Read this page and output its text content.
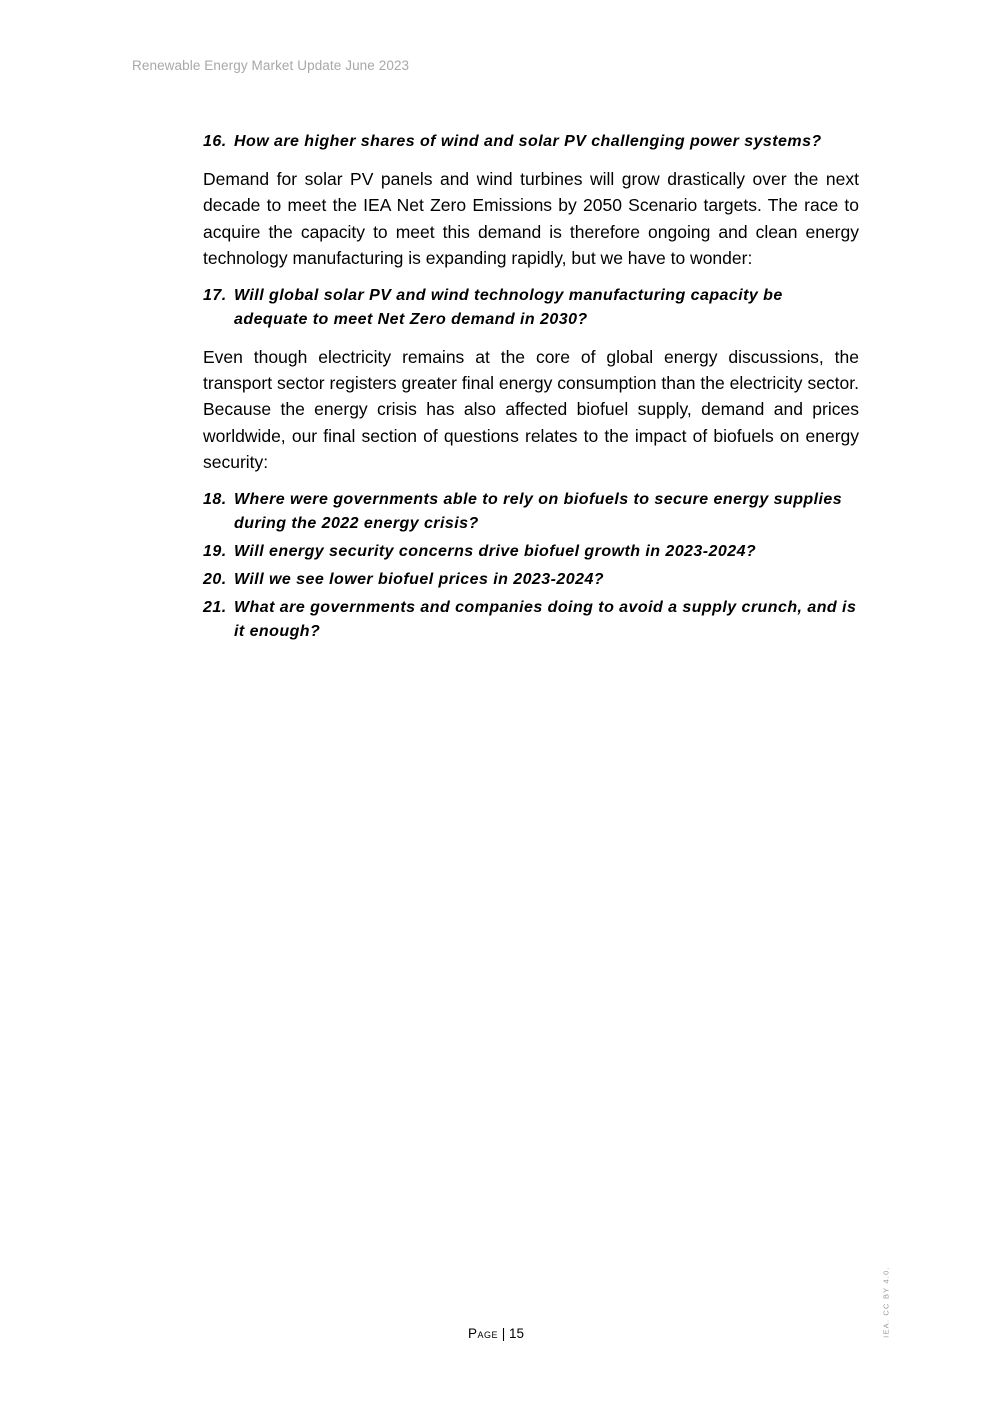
Renewable Energy Market Update June 2023
16. How are higher shares of wind and solar PV challenging power systems?

Demand for solar PV panels and wind turbines will grow drastically over the next decade to meet the IEA Net Zero Emissions by 2050 Scenario targets. The race to acquire the capacity to meet this demand is therefore ongoing and clean energy technology manufacturing is expanding rapidly, but we have to wonder:

17. Will global solar PV and wind technology manufacturing capacity be adequate to meet Net Zero demand in 2030?

Even though electricity remains at the core of global energy discussions, the transport sector registers greater final energy consumption than the electricity sector. Because the energy crisis has also affected biofuel supply, demand and prices worldwide, our final section of questions relates to the impact of biofuels on energy security:

18. Where were governments able to rely on biofuels to secure energy supplies during the 2022 energy crisis?
19. Will energy security concerns drive biofuel growth in 2023-2024?
20. Will we see lower biofuel prices in 2023-2024?
21. What are governments and companies doing to avoid a supply crunch, and is it enough?
Page | 15	IEA. CC BY 4.0.
